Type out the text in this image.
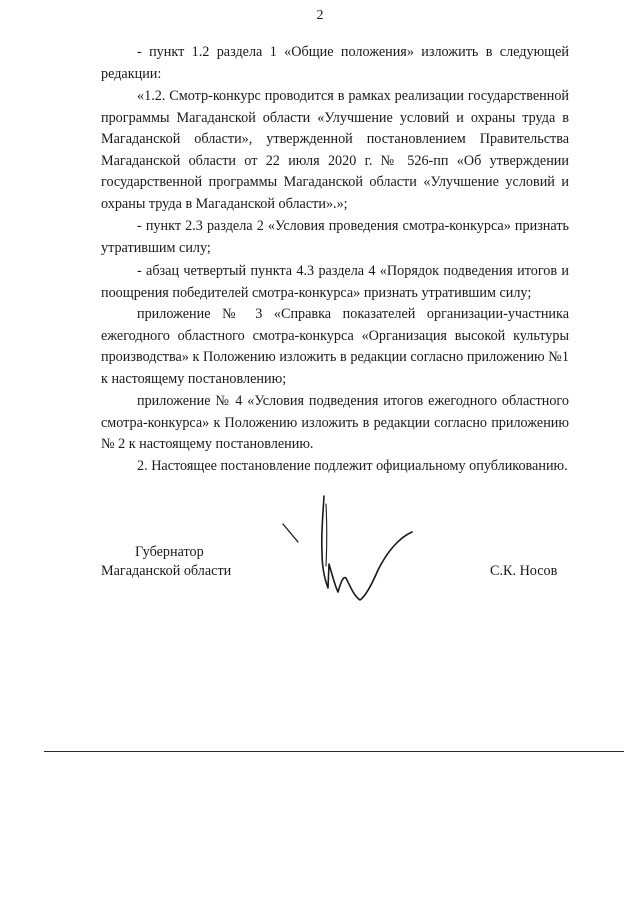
2

- пункт 1.2 раздела 1 «Общие положения» изложить в следующей редакции:

«1.2. Смотр-конкурс проводится в рамках реализации государственной программы Магаданской области «Улучшение условий и охраны труда в Магаданской области», утвержденной постановлением Правительства Магаданской области от 22 июля 2020 г. № 526-пп «Об утверждении государственной программы Магаданской области «Улучшение условий и охраны труда в Магаданской области».»;

- пункт 2.3 раздела 2 «Условия проведения смотра-конкурса» признать утратившим силу;

- абзац четвертый пункта 4.3 раздела 4 «Порядок подведения итогов и поощрения победителей смотра-конкурса» признать утратившим силу;

приложение № 3 «Справка показателей организации-участника ежегодного областного смотра-конкурса «Организация высокой культуры производства» к Положению изложить в редакции согласно приложению №1 к настоящему постановлению;

приложение № 4 «Условия подведения итогов ежегодного областного смотра-конкурса» к Положению изложить в редакции согласно приложению № 2 к настоящему постановлению.

2. Настоящее постановление подлежит официальному опубликованию.

Губернатор
Магаданской области	С.К. Носов
